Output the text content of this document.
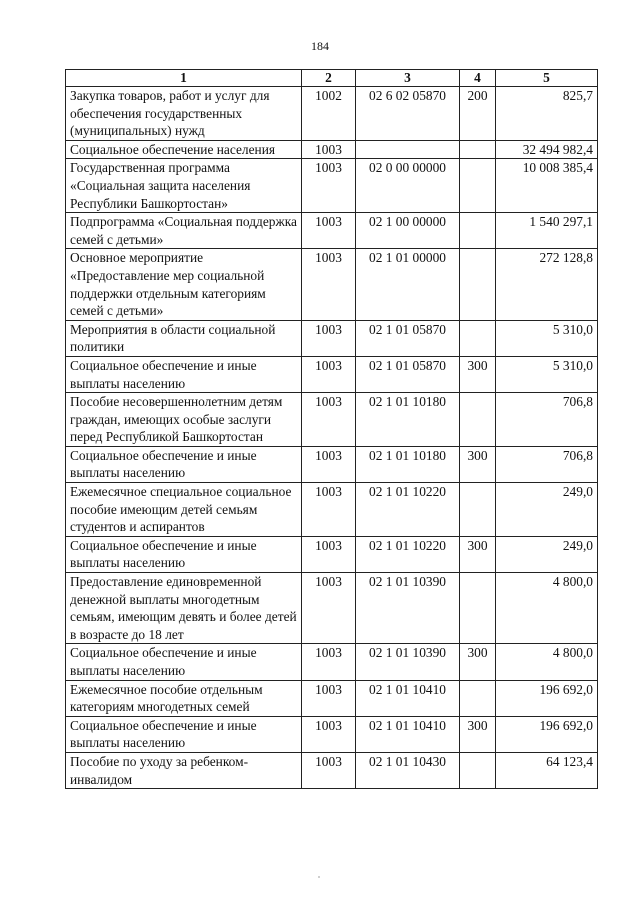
184
1	2	3	4	5
Закупка товаров, работ и услуг для обеспечения государственных (муниципальных) нужд	1002	02 6 02 05870	200	825,7
Социальное обеспечение населения	1003			32 494 982,4
Государственная программа «Социальная защита населения Республики Башкортостан»	1003	02 0 00 00000		10 008 385,4
Подпрограмма «Социальная поддержка семей с детьми»	1003	02 1 00 00000		1 540 297,1
Основное мероприятие «Предоставление мер социальной поддержки отдельным категориям семей с детьми»	1003	02 1 01 00000		272 128,8
Мероприятия в области социальной политики	1003	02 1 01 05870		5 310,0
Социальное обеспечение и иные выплаты населению	1003	02 1 01 05870	300	5 310,0
Пособие несовершеннолетним детям граждан, имеющих особые заслуги перед Республикой Башкортостан	1003	02 1 01 10180		706,8
Социальное обеспечение и иные выплаты населению	1003	02 1 01 10180	300	706,8
Ежемесячное специальное социальное пособие имеющим детей семьям студентов и аспирантов	1003	02 1 01 10220		249,0
Социальное обеспечение и иные выплаты населению	1003	02 1 01 10220	300	249,0
Предоставление единовременной денежной выплаты многодетным семьям, имеющим девять и более детей в возрасте до 18 лет	1003	02 1 01 10390		4 800,0
Социальное обеспечение и иные выплаты населению	1003	02 1 01 10390	300	4 800,0
Ежемесячное пособие отдельным категориям многодетных семей	1003	02 1 01 10410		196 692,0
Социальное обеспечение и иные выплаты населению	1003	02 1 01 10410	300	196 692,0
Пособие по уходу за ребенком-инвалидом	1003	02 1 01 10430		64 123,4
